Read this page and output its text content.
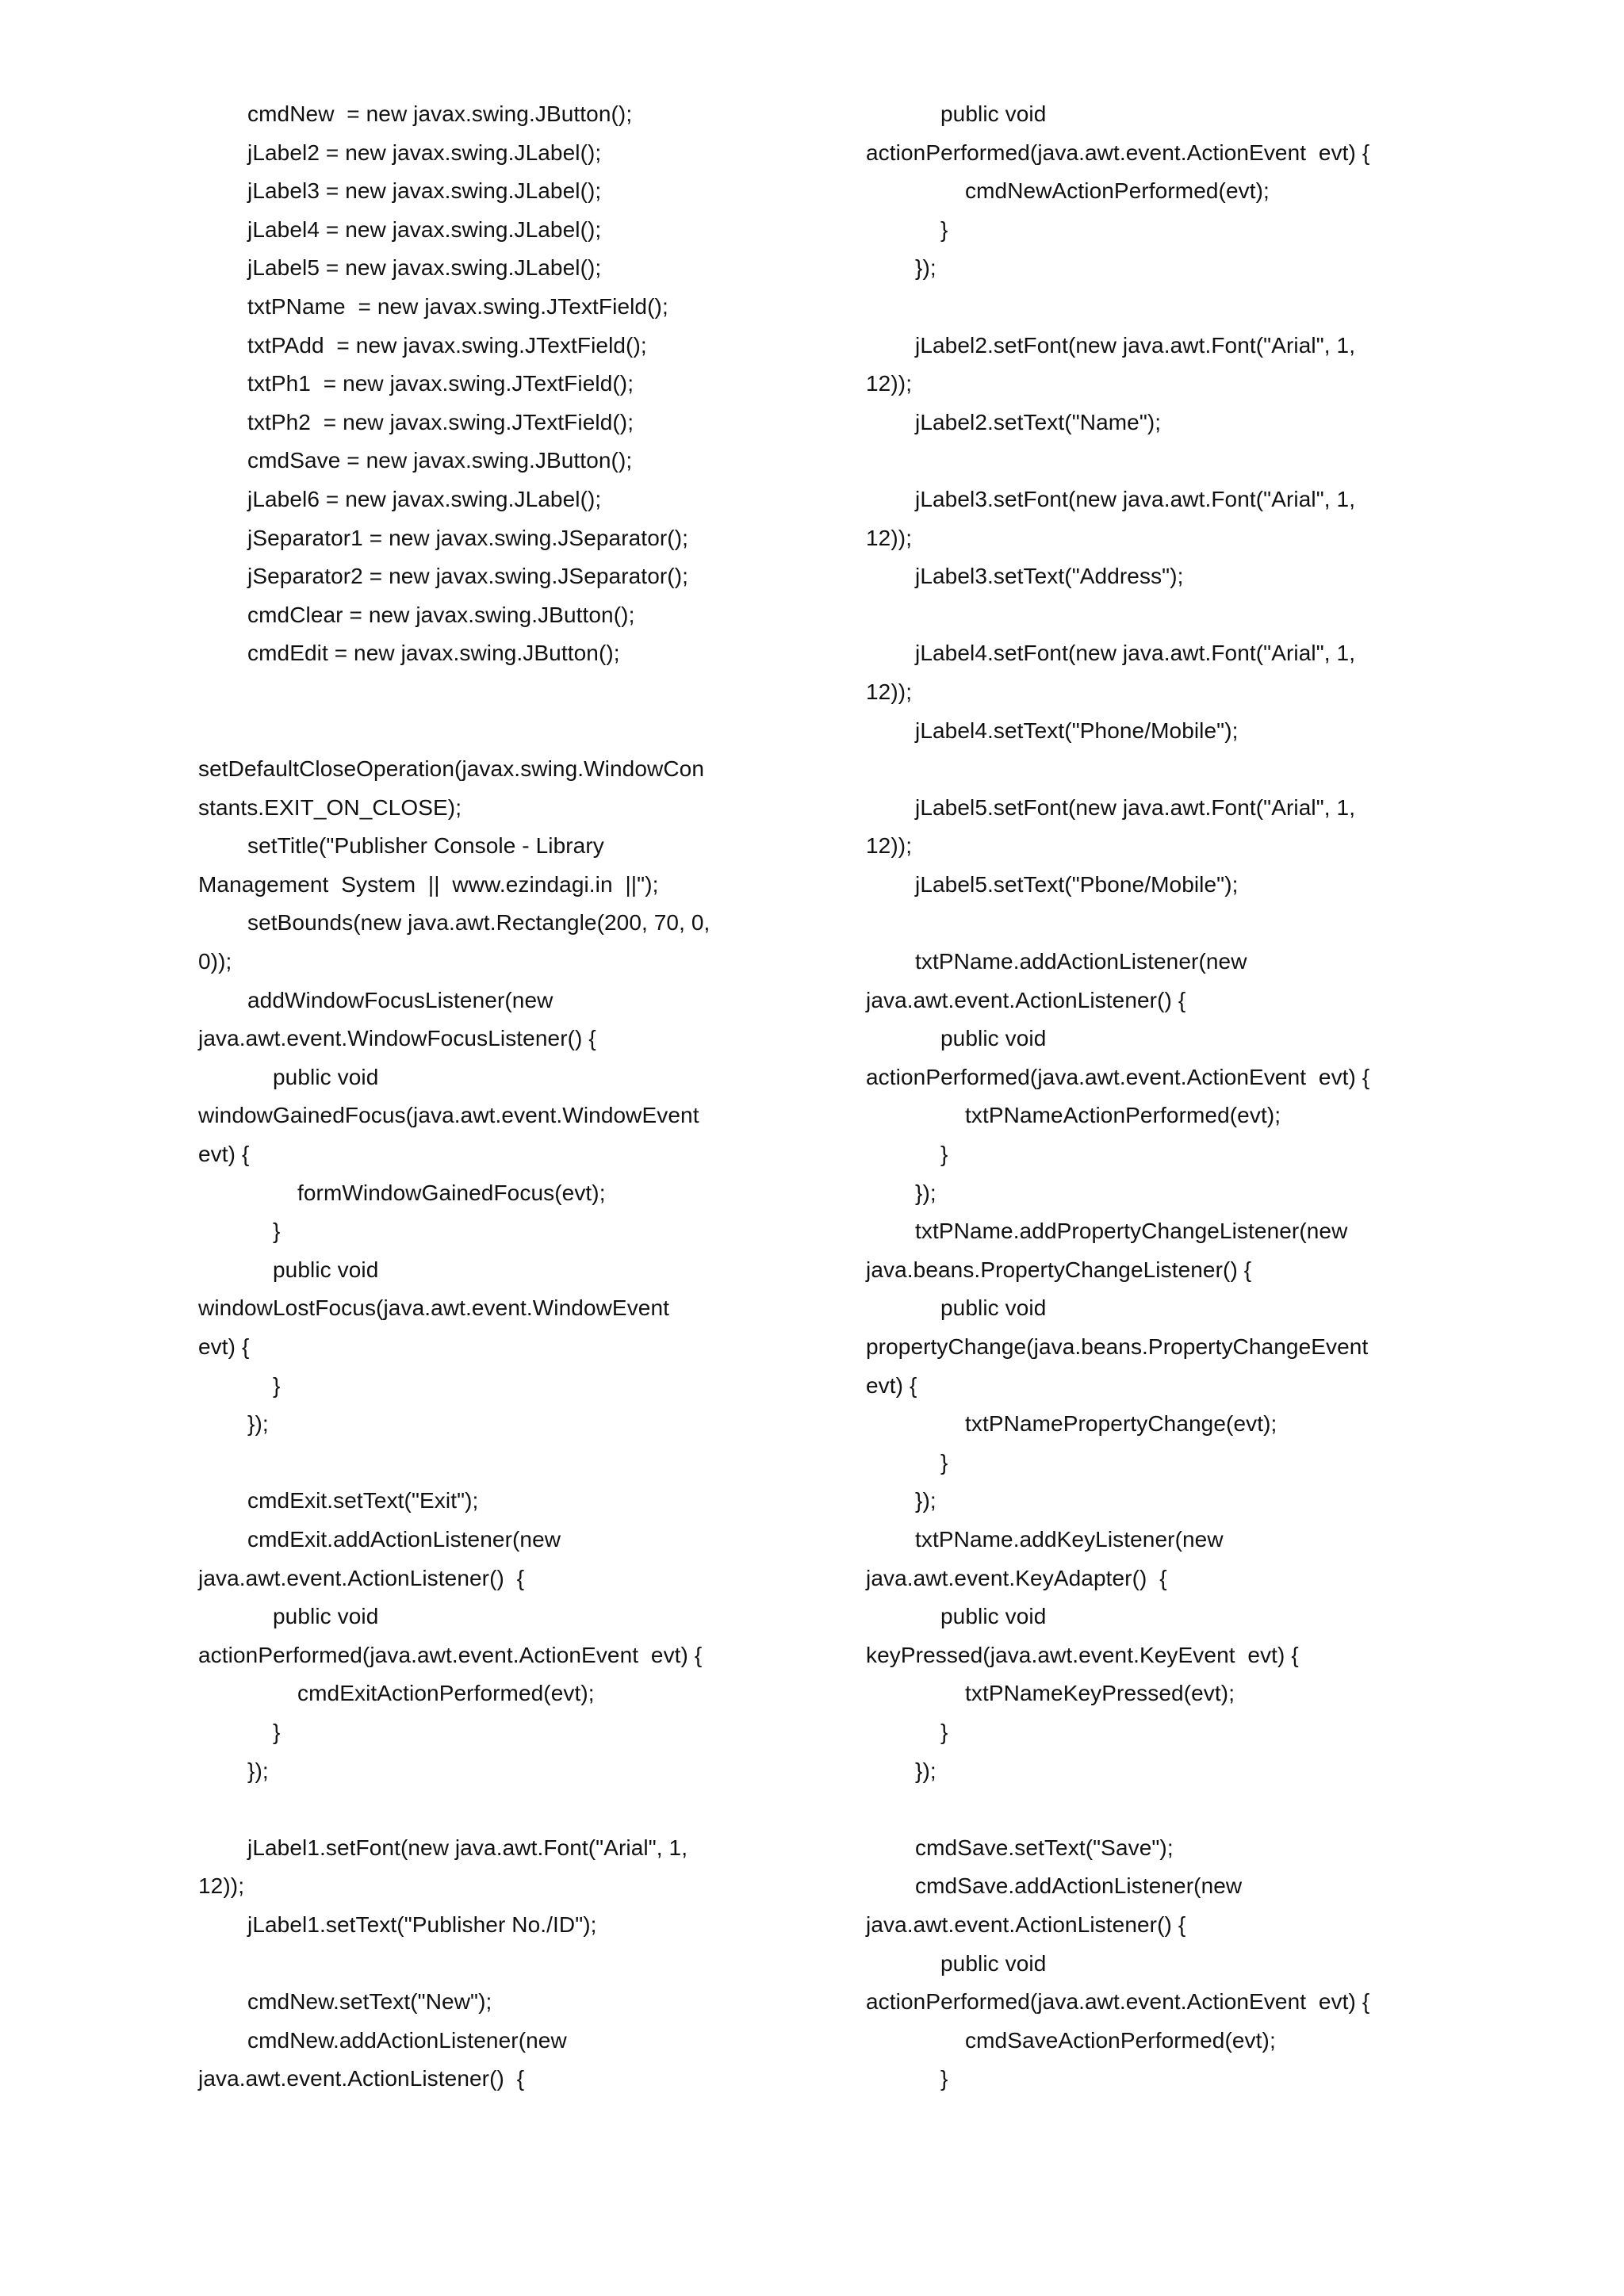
cmdNew  = new javax.swing.JButton();
jLabel2 = new javax.swing.JLabel();
jLabel3 = new javax.swing.JLabel();
jLabel4 = new javax.swing.JLabel();
jLabel5 = new javax.swing.JLabel();
txtPName  = new javax.swing.JTextField();
txtPAdd  = new javax.swing.JTextField();
txtPh1  = new javax.swing.JTextField();
txtPh2  = new javax.swing.JTextField();
cmdSave = new javax.swing.JButton();
jLabel6 = new javax.swing.JLabel();
jSeparator1 = new javax.swing.JSeparator();
jSeparator2 = new javax.swing.JSeparator();
cmdClear = new javax.swing.JButton();
cmdEdit = new javax.swing.JButton();
setDefaultCloseOperation(javax.swing.WindowCon
stants.EXIT_ON_CLOSE);
setTitle("Publisher Console - Library
Management  System  ||  www.ezindagi.in  ||");
setBounds(new java.awt.Rectangle(200, 70, 0,
0));
addWindowFocusListener(new
java.awt.event.WindowFocusListener() {
public void
windowGainedFocus(java.awt.event.WindowEvent
evt) {
formWindowGainedFocus(evt);
}
public void
windowLostFocus(java.awt.event.WindowEvent
evt) {
}
});
cmdExit.setText("Exit");
cmdExit.addActionListener(new
java.awt.event.ActionListener()  {
public void
actionPerformed(java.awt.event.ActionEvent  evt) {
cmdExitActionPerformed(evt);
}
});
jLabel1.setFont(new java.awt.Font("Arial", 1,
12));
jLabel1.setText("Publisher No./ID");
cmdNew.setText("New");
cmdNew.addActionListener(new
java.awt.event.ActionListener()  {
public void
actionPerformed(java.awt.event.ActionEvent  evt) {
cmdNewActionPerformed(evt);
}
});
jLabel2.setFont(new java.awt.Font("Arial", 1,
12));
jLabel2.setText("Name");
jLabel3.setFont(new java.awt.Font("Arial", 1,
12));
jLabel3.setText("Address");
jLabel4.setFont(new java.awt.Font("Arial", 1,
12));
jLabel4.setText("Phone/Mobile");
jLabel5.setFont(new java.awt.Font("Arial", 1,
12));
jLabel5.setText("Pbone/Mobile");
txtPName.addActionListener(new
java.awt.event.ActionListener() {
public void
actionPerformed(java.awt.event.ActionEvent  evt) {
txtPNameActionPerformed(evt);
}
});
txtPName.addPropertyChangeListener(new
java.beans.PropertyChangeListener() {
public void
propertyChange(java.beans.PropertyChangeEvent
evt) {
txtPNamePropertyChange(evt);
}
});
txtPName.addKeyListener(new
java.awt.event.KeyAdapter()  {
public void
keyPressed(java.awt.event.KeyEvent  evt) {
txtPNameKeyPressed(evt);
}
});
cmdSave.setText("Save");
cmdSave.addActionListener(new
java.awt.event.ActionListener() {
public void
actionPerformed(java.awt.event.ActionEvent  evt) {
cmdSaveActionPerformed(evt);
}
